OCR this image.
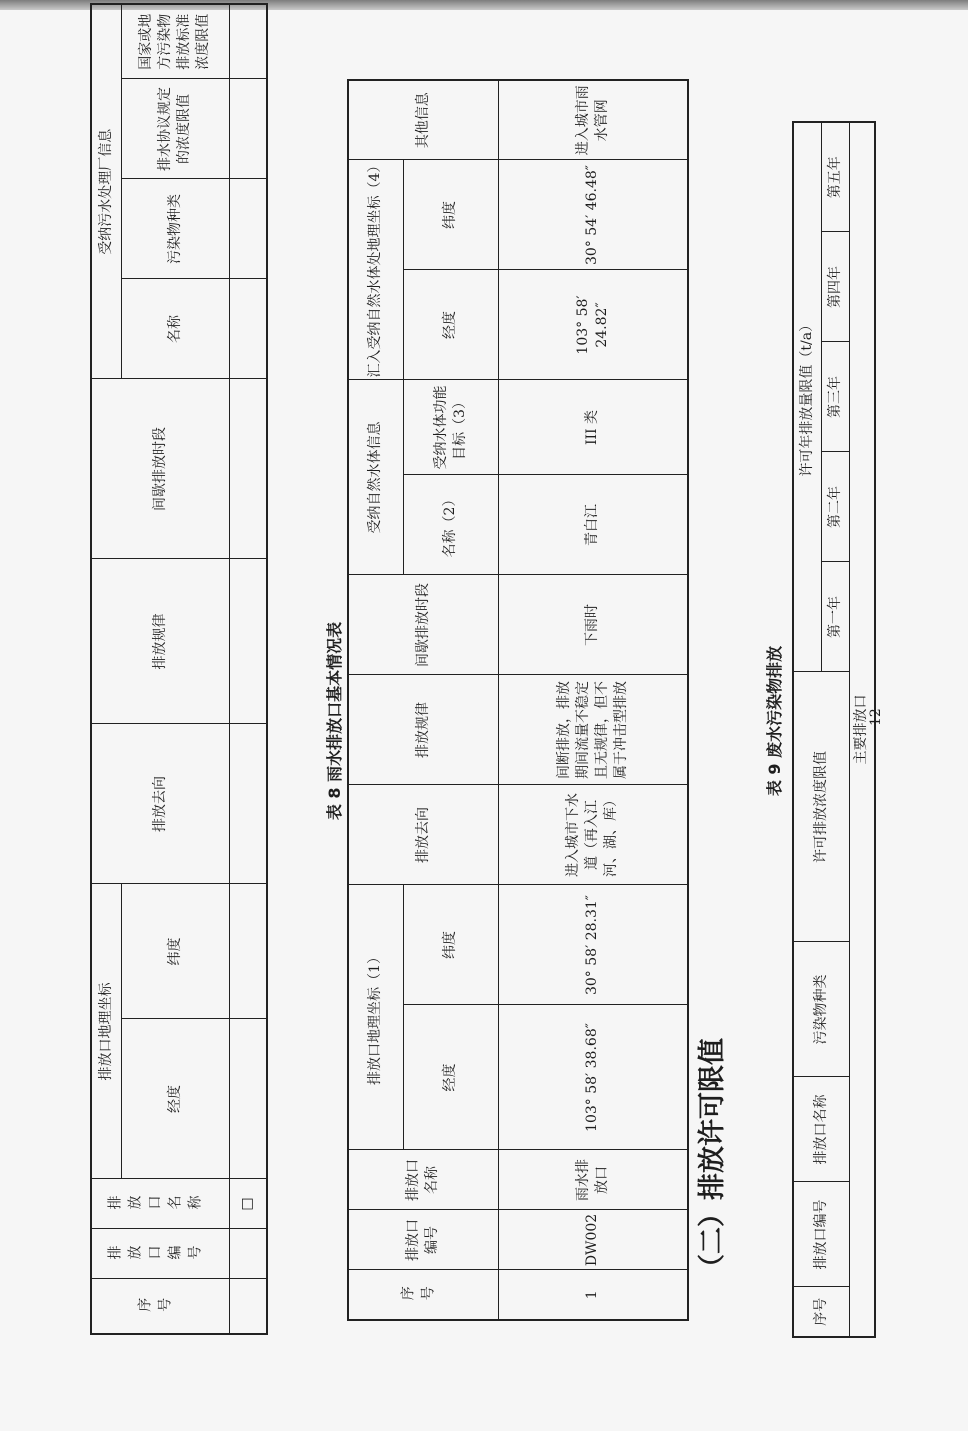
序号	排放口编号	排放口名称	排放口地理坐标		排放去向	排放规律	间歇排放时段	受纳污水处理厂信息			
			经度	纬度				名称	污染物种类	排水协议规定的浓度限值	国家或地方污染物排放标准浓度限值
		□									
表 8 雨水排放口基本情况表
序号	排放口编号	排放口名称	排放口地理坐标（1）		排放去向	排放规律	间歇排放时段	受纳自然水体信息		汇入受纳自然水体处地理坐标（4）		其他信息
			经度	纬度				名称（2）	受纳水体功能目标（3）	经度	纬度	
1	DW002	雨水排放口	103° 58′ 38.68″	30° 58′ 28.31″	进入城市下水道（再入江河、湖、库）	间断排放，排放期间流量不稳定且无规律，但不属于冲击型排放	下雨时	青白江	III 类	103° 58′ 24.82″	30° 54′ 46.48″	进入城市雨水管网
（二）排放许可限值
表 9 废水污染物排放
序号	排放口编号	排放口名称	污染物种类	许可排放浓度限值	许可年排放量限值（t/a）				
					第一年	第二年	第三年	第四年	第五年
主要排放口									
12
